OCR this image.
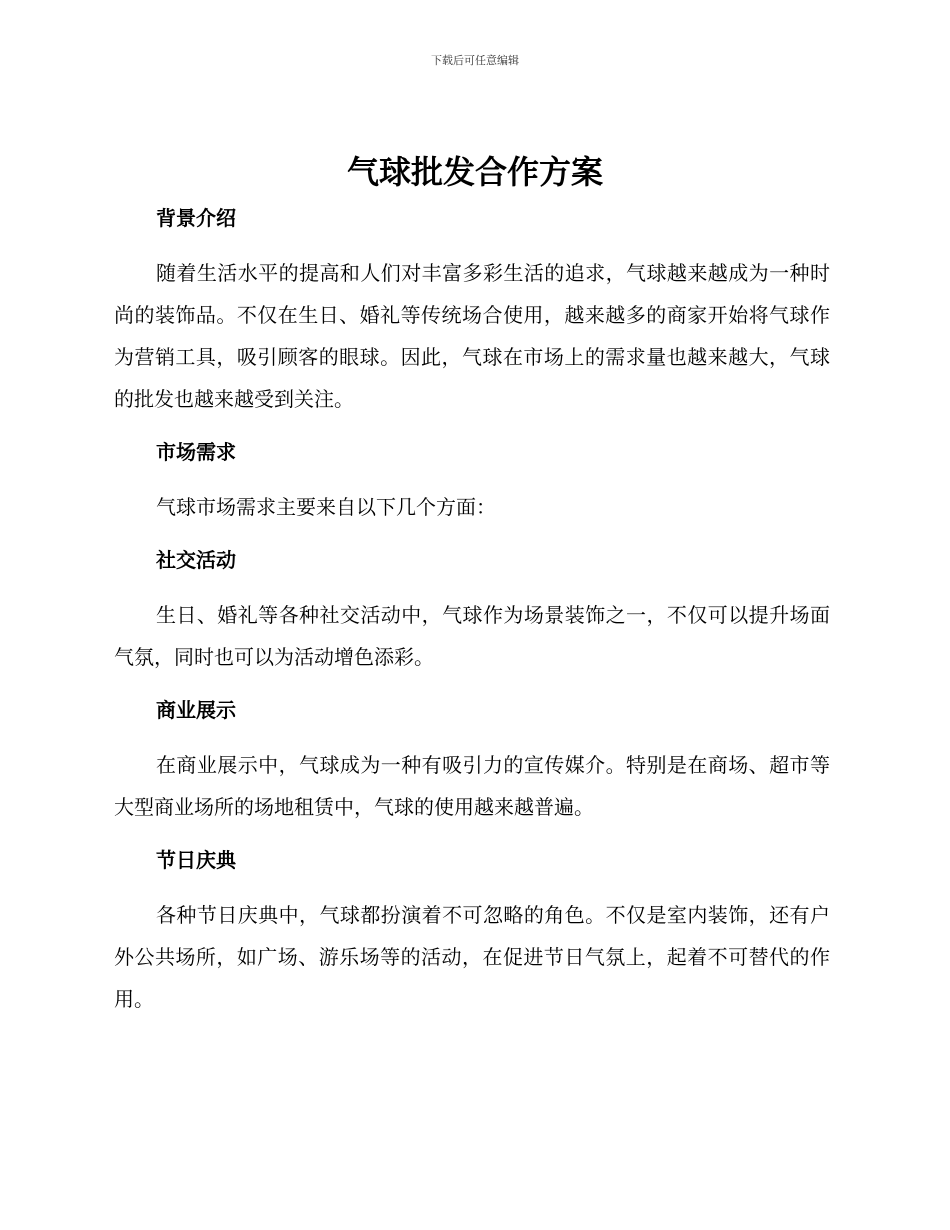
下载后可任意编辑
气球批发合作方案
背景介绍

随着生活水平的提高和人们对丰富多彩生活的追求，气球越来越成为一种时尚的装饰品。不仅在生日、婚礼等传统场合使用，越来越多的商家开始将气球作为营销工具，吸引顾客的眼球。因此，气球在市场上的需求量也越来越大，气球的批发也越来越受到关注。

市场需求

气球市场需求主要来自以下几个方面：

社交活动

生日、婚礼等各种社交活动中，气球作为场景装饰之一，不仅可以提升场面气氛，同时也可以为活动增色添彩。

商业展示

在商业展示中，气球成为一种有吸引力的宣传媒介。特别是在商场、超市等大型商业场所的场地租赁中，气球的使用越来越普遍。

节日庆典

各种节日庆典中，气球都扮演着不可忽略的角色。不仅是室内装饰，还有户外公共场所，如广场、游乐场等的活动，在促进节日气氛上，起着不可替代的作用。
